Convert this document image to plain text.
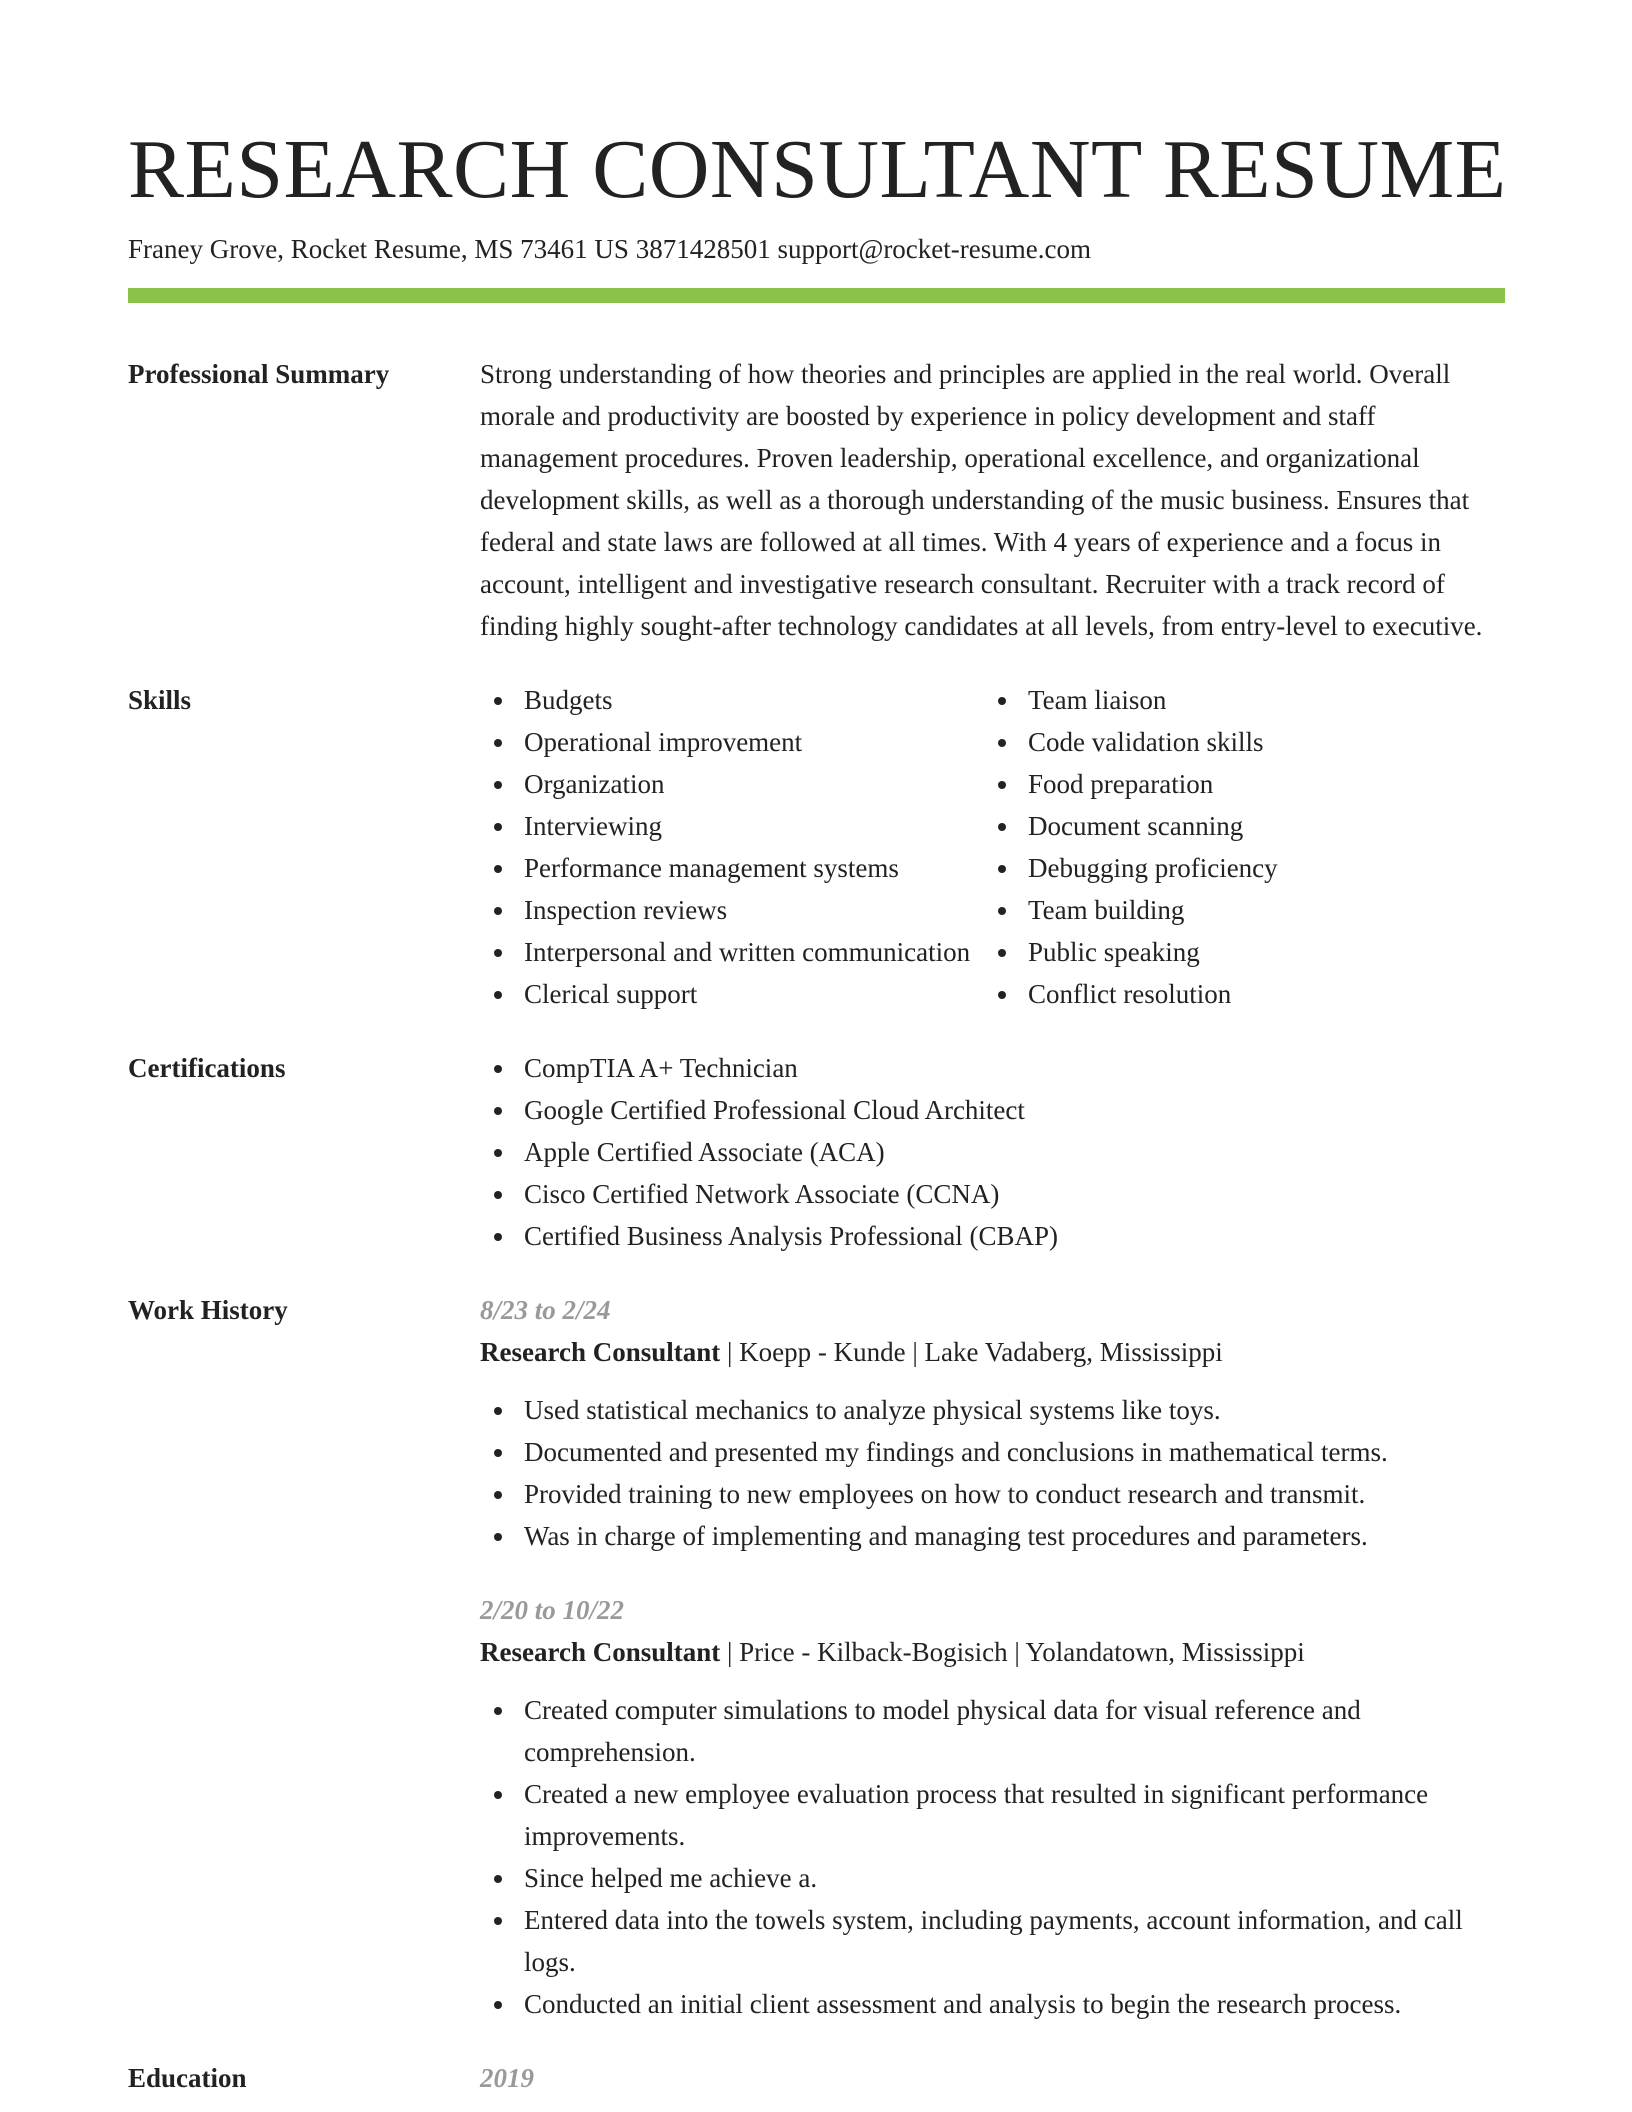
RESEARCH CONSULTANT RESUME
Franey Grove, Rocket Resume, MS 73461 US 3871428501 support@rocket-resume.com
Professional Summary	Strong understanding of how theories and principles are applied in the real world. Overall morale and productivity are boosted by experience in policy development and staff management procedures. Proven leadership, operational excellence, and organizational development skills, as well as a thorough understanding of the music business. Ensures that federal and state laws are followed at all times. With 4 years of experience and a focus in account, intelligent and investigative research consultant. Recruiter with a track record of finding highly sought-after technology candidates at all levels, from entry-level to executive.

Skills	Budgets
Operational improvement
Organization
Interviewing
Performance management systems
Inspection reviews
Interpersonal and written communication
Clerical support
Team liaison
Code validation skills
Food preparation
Document scanning
Debugging proficiency
Team building
Public speaking
Conflict resolution
Certifications	CompTIA A+ Technician
Google Certified Professional Cloud Architect
Apple Certified Associate (ACA)
Cisco Certified Network Associate (CCNA)
Certified Business Analysis Professional (CBAP)
Work History	8/23 to 2/24
Research Consultant | Koepp - Kunde | Lake Vadaberg, Mississippi
Used statistical mechanics to analyze physical systems like toys.
Documented and presented my findings and conclusions in mathematical terms.
Provided training to new employees on how to conduct research and transmit.
Was in charge of implementing and managing test procedures and parameters.
2/20 to 10/22
Research Consultant | Price - Kilback-Bogisich | Yolandatown, Mississippi
Created computer simulations to model physical data for visual reference and comprehension.
Created a new employee evaluation process that resulted in significant performance improvements.
Since helped me achieve a.
Entered data into the towels system, including payments, account information, and call logs.
Conducted an initial client assessment and analysis to begin the research process.
Education	2019
